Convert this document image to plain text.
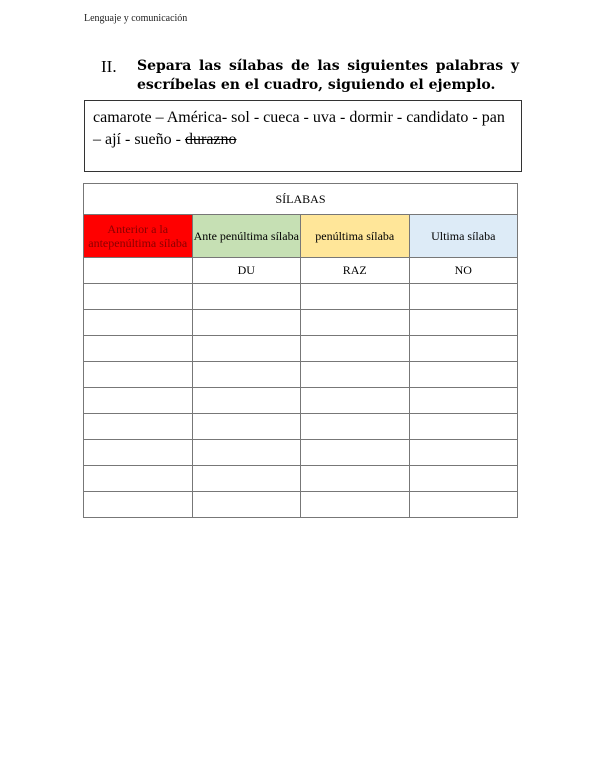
Lenguaje y comunicación
II.	Separa las sílabas de las siguientes palabras y escríbelas en el cuadro, siguiendo el ejemplo.
camarote – América- sol - cueca - uva - dormir - candidato - pan – ají - sueño - durazno
SÍLABAS			
Anterior a la antepenúltima sílaba	Ante penúltima sílaba	penúltima sílaba	Ultima sílaba
	DU	RAZ	NO
